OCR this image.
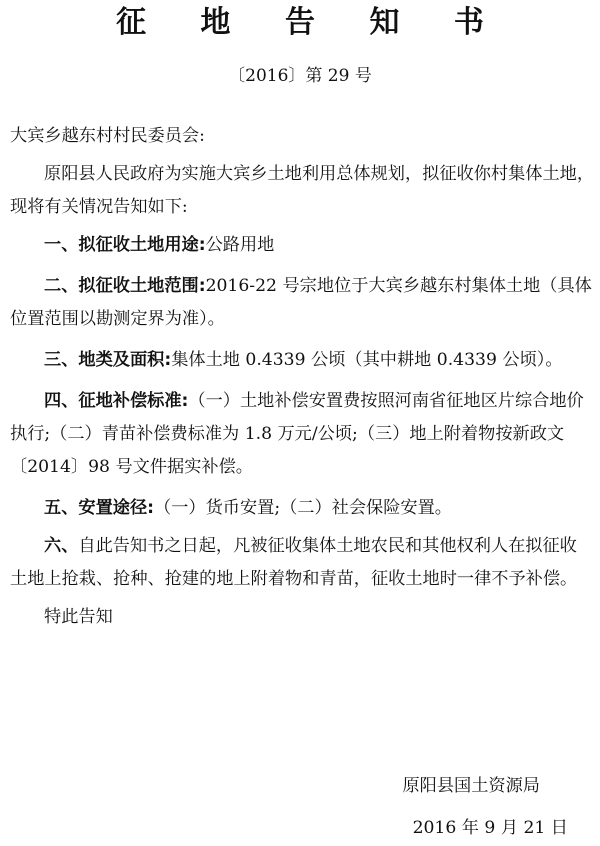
征 地 告 知 书

〔2016〕第 29 号

大宾乡越东村村民委员会:

原阳县人民政府为实施大宾乡土地利用总体规划，拟征收你村集体土地，现将有关情况告知如下:

一、拟征收土地用途:公路用地

二、拟征收土地范围:2016-22 号宗地位于大宾乡越东村集体土地（具体位置范围以勘测定界为准）。

三、地类及面积:集体土地 0.4339 公顷（其中耕地 0.4339 公顷）。

四、征地补偿标准:（一）土地补偿安置费按照河南省征地区片综合地价执行;（二）青苗补偿费标准为 1.8 万元/公顷;（三）地上附着物按新政文〔2014〕98 号文件据实补偿。

五、安置途径:（一）货币安置;（二）社会保险安置。

六、自此告知书之日起，凡被征收集体土地农民和其他权利人在拟征收土地上抢栽、抢种、抢建的地上附着物和青苗，征收土地时一律不予补偿。

特此告知

原阳县国土资源局

2016 年 9 月 21 日
